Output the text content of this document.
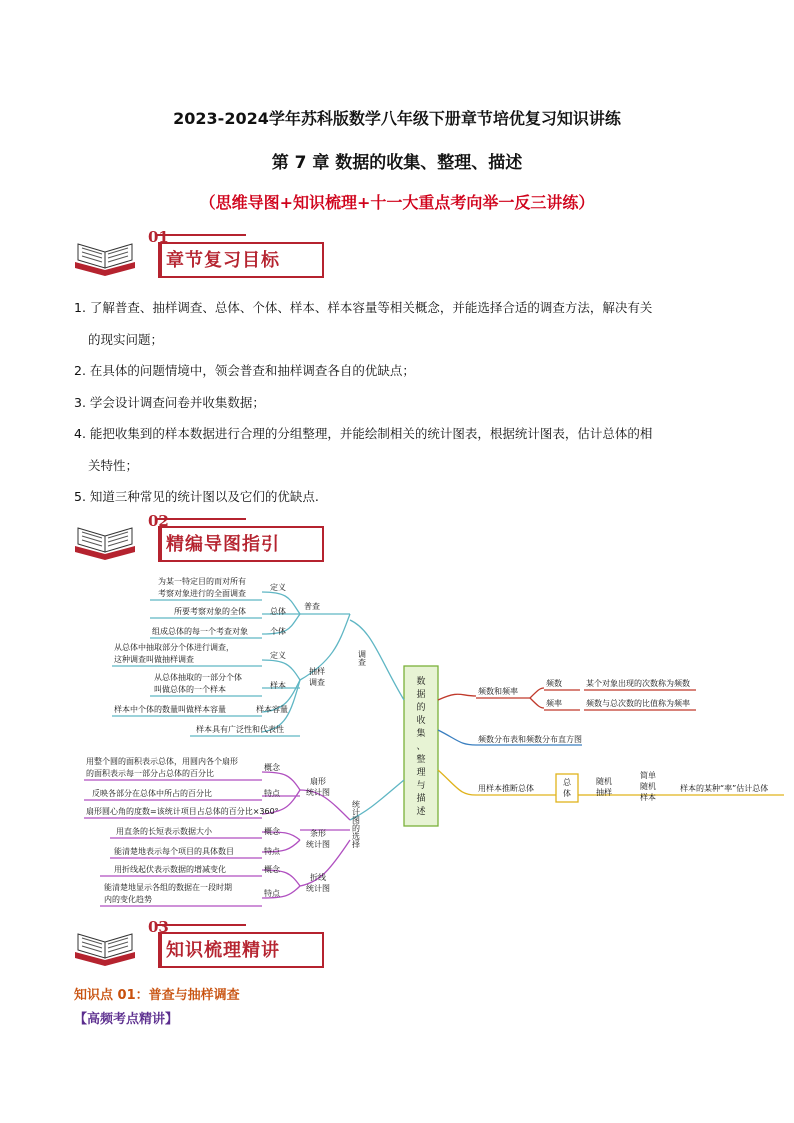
2023-2024学年苏科版数学八年级下册章节培优复习知识讲练
第 7 章 数据的收集、整理、描述
（思维导图+知识梳理+十一大重点考向举一反三讲练）
01
章节复习目标

1. 了解普查、抽样调查、总体、个体、样本、样本容量等相关概念，并能选择合适的调查方法，解决有关

的现实问题；

2. 在具体的问题情境中，领会普查和抽样调查各自的优缺点；

3. 学会设计调查问卷并收集数据；

4. 能把收集到的样本数据进行合理的分组整理，并能绘制相关的统计图表，根据统计图表，估计总体的相

关特性；

5. 知道三种常见的统计图以及它们的优缺点.

02
精编导图指引
数据的收集、整理与描述
调查
普查
抽样调查
为某一特定目的而对所有
考察对象进行的全面调查
定义
所要考察对象的全体	总体
组成总体的每一个考查对象	个体
从总体中抽取部分个体进行调查，
这种调查叫做抽样调查	定义
从总体抽取的一部分个体
叫做总体的一个样本	样本
样本中个体的数量叫做样本容量	样本容量
样本具有广泛性和代表性
统计图的选择
扇形统计图
条形统计图
折线统计图
用整个圆的面积表示总体，用圆内各个扇形
的面积表示每一部分占总体的百分比
概念
反映各部分在总体中所占的百分比	特点
扇形圆心角的度数=该统计项目占总体的百分比×360°
用直条的长短表示数据大小	概念
能清楚地表示每个项目的具体数目	特点
用折线起伏表示数据的增减变化	概念
能清楚地显示各组的数据在一段时期
内的变化趋势
特点
频数和频率
频数
频率
某个对象出现的次数称为频数
频数与总次数的比值称为频率
频数分布表和频数分布直方图
用样本推断总体
总体
随机抽样
简单随机样本
样本的某种“率”估计总体
03
知识梳理精讲
知识点 01：普查与抽样调查
【高频考点精讲】
